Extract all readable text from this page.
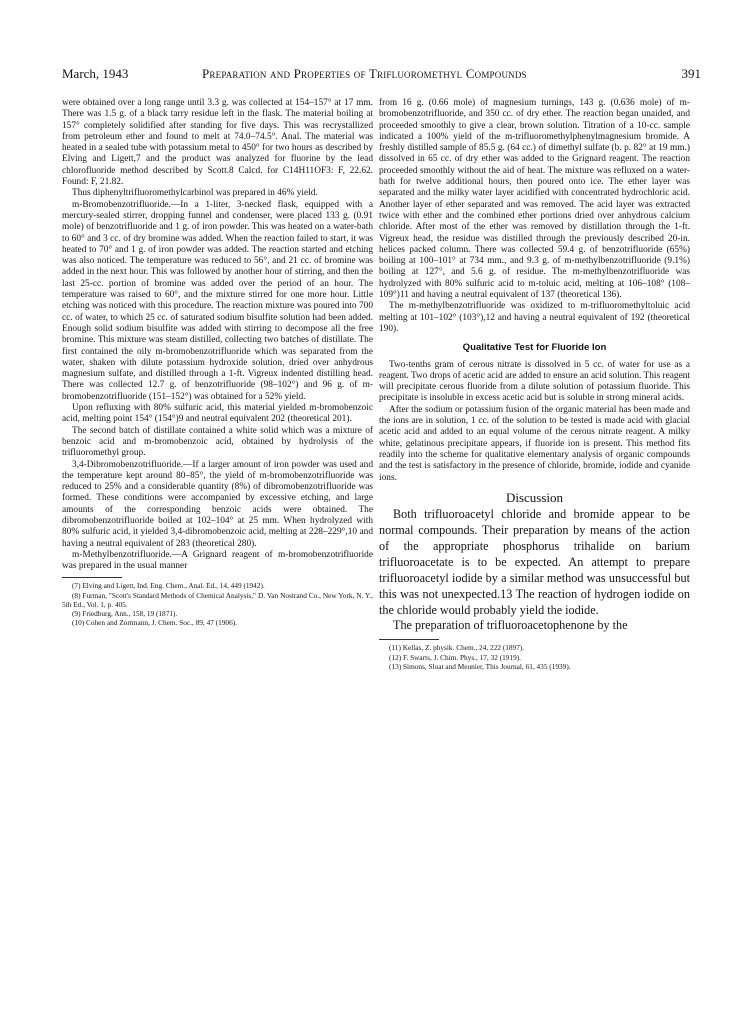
March, 1943	Preparation and Properties of Trifluoromethyl Compounds	391

were obtained over a long range until 3.3 g. was collected at 154–157° at 17 mm. There was 1.5 g. of a black tarry residue left in the flask. The material boiling at 157° completely solidified after standing for five days. This was recrystallized from petroleum ether and found to melt at 74.0–74.5°. Anal. The material was heated in a sealed tube with potassium metal to 450° for two hours as described by Elving and Ligett,7 and the product was analyzed for fluorine by the lead chlorofluoride method described by Scott.8 Calcd. for C14H11OF3: F, 22.62. Found: F, 21.82.

Thus diphenyltrifluoromethylcarbinol was prepared in 46% yield.

m-Bromobenzotrifluoride.—In a 1-liter, 3-necked flask, equipped with a mercury-sealed stirrer, dropping funnel and condenser, were placed 133 g. (0.91 mole) of benzotrifluoride and 1 g. of iron powder. This was heated on a water-bath to 60° and 3 cc. of dry bromine was added. When the reaction failed to start, it was heated to 70° and 1 g. of iron powder was added. The reaction started and etching was also noticed. The temperature was reduced to 56°, and 21 cc. of bromine was added in the next hour. This was followed by another hour of stirring, and then the last 25-cc. portion of bromine was added over the period of an hour. The temperature was raised to 60°, and the mixture stirred for one more hour. Little etching was noticed with this procedure. The reaction mixture was poured into 700 cc. of water, to which 25 cc. of saturated sodium bisulfite solution had been added. Enough solid sodium bisulfite was added with stirring to decompose all the free bromine. This mixture was steam distilled, collecting two batches of distillate. The first contained the oily m-bromobenzotrifluoride which was separated from the water, shaken with dilute potassium hydroxide solution, dried over anhydrous magnesium sulfate, and distilled through a 1-ft. Vigreux indented distilling head. There was collected 12.7 g. of benzotrifluoride (98–102°) and 96 g. of m-bromobenzotrifluoride (151–152°) was obtained for a 52% yield.

Upon refluxing with 80% sulfuric acid, this material yielded m-bromobenzoic acid, melting point 154° (154°)9 and neutral equivalent 202 (theoretical 201).

The second batch of distillate contained a white solid which was a mixture of benzoic acid and m-bromobenzoic acid, obtained by hydrolysis of the trifluoromethyl group.

3,4-Dibromobenzotrifluoride.—If a larger amount of iron powder was used and the temperature kept around 80–85°, the yield of m-bromobenzotrifluoride was reduced to 25% and a considerable quantity (8%) of dibromobenzotrifluoride was formed. These conditions were accompanied by excessive etching, and large amounts of the corresponding benzoic acids were obtained. The dibromobenzotrifluoride boiled at 102–104° at 25 mm. When hydrolyzed with 80% sulfuric acid, it yielded 3,4-dibromobenzoic acid, melting at 228–229°,10 and having a neutral equivalent of 283 (theoretical 280).

m-Methylbenzotrifluoride.—A Grignard reagent of m-bromobenzotrifluoride was prepared in the usual manner

(7) Elving and Ligett, Ind. Eng. Chem., Anal. Ed., 14, 449 (1942).

(8) Furman, "Scott's Standard Methods of Chemical Analysis," D. Van Nostrand Co., New York, N. Y., 5th Ed., Vol. 1, p. 405.

(9) Friedburg, Ann., 158, 19 (1871).

(10) Cohen and Zortmann, J. Chem. Soc., 89, 47 (1906).

from 16 g. (0.66 mole) of magnesium turnings, 143 g. (0.636 mole) of m-bromobenzotrifluoride, and 350 cc. of dry ether. The reaction began unaided, and proceeded smoothly to give a clear, brown solution. Titration of a 10-cc. sample indicated a 100% yield of the m-trifluoromethylphenylmagnesium bromide. A freshly distilled sample of 85.5 g. (64 cc.) of dimethyl sulfate (b. p. 82° at 19 mm.) dissolved in 65 cc. of dry ether was added to the Grignard reagent. The reaction proceeded smoothly without the aid of heat. The mixture was refluxed on a water-bath for twelve additional hours, then poured onto ice. The ether layer was separated and the milky water layer acidified with concentrated hydrochloric acid. Another layer of ether separated and was removed. The acid layer was extracted twice with ether and the combined ether portions dried over anhydrous calcium chloride. After most of the ether was removed by distillation through the 1-ft. Vigreux head, the residue was distilled through the previously described 20-in. helices packed column. There was collected 59.4 g. of benzotrifluoride (65%) boiling at 100–101° at 734 mm., and 9.3 g. of m-methylbenzotrifluoride (9.1%) boiling at 127°, and 5.6 g. of residue. The m-methylbenzotrifluoride was hydrolyzed with 80% sulfuric acid to m-toluic acid, melting at 106–108° (108–109°)11 and having a neutral equivalent of 137 (theoretical 136).

The m-methylbenzotrifluoride was oxidized to m-trifluoromethyltoluic acid melting at 101–102° (103°),12 and having a neutral equivalent of 192 (theoretical 190).

Qualitative Test for Fluoride Ion

Two-tenths gram of cerous nitrate is dissolved in 5 cc. of water for use as a reagent. Two drops of acetic acid are added to ensure an acid solution. This reagent will precipitate cerous fluoride from a dilute solution of potassium fluoride. This precipitate is insoluble in excess acetic acid but is soluble in strong mineral acids.

After the sodium or potassium fusion of the organic material has been made and the ions are in solution, 1 cc. of the solution to be tested is made acid with glacial acetic acid and added to an equal volume of the cerous nitrate reagent. A milky white, gelatinous precipitate appears, if fluoride ion is present. This method fits readily into the scheme for qualitative elementary analysis of organic compounds and the test is satisfactory in the presence of chloride, bromide, iodide and cyanide ions.

Discussion

Both trifluoroacetyl chloride and bromide appear to be normal compounds. Their preparation by means of the action of the appropriate phosphorus trihalide on barium trifluoroacetate is to be expected. An attempt to prepare trifluoroacetyl iodide by a similar method was unsuccessful but this was not unexpected.13 The reaction of hydrogen iodide on the chloride would probably yield the iodide.

The preparation of trifluoroacetophenone by the

(11) Kellas, Z. physik. Chem., 24, 222 (1897).

(12) F. Swarts, J. Chim. Phys., 17, 32 (1919).

(13) Simons, Sloat and Meunier, This Journal, 61, 435 (1939).
